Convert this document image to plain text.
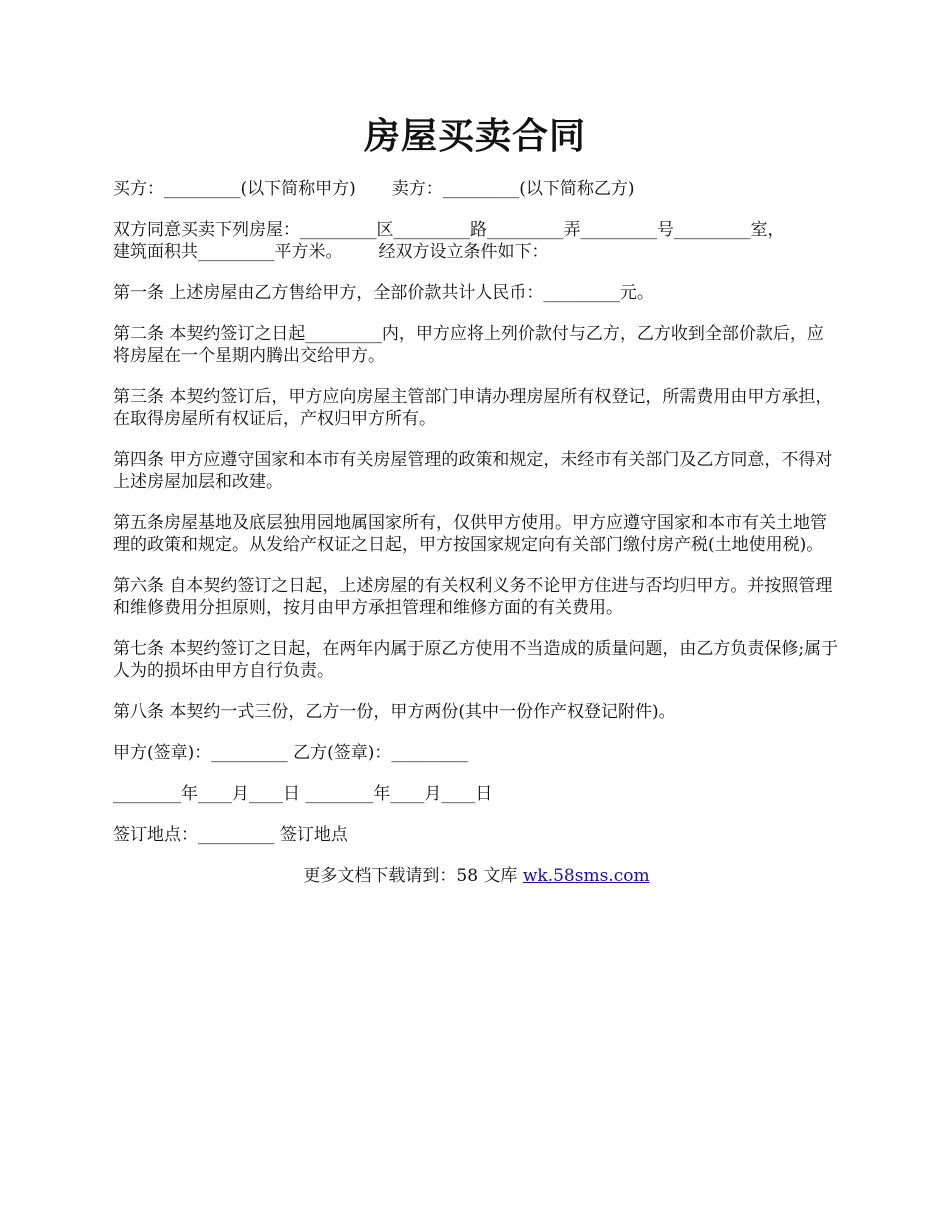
房屋买卖合同

买方：_________(以下简称甲方) 卖方：_________(以下简称乙方)

双方同意买卖下列房屋：_________区_________路_________弄_________号_________室，
建筑面积共_________平方米。 经双方设立条件如下：

第一条 上述房屋由乙方售给甲方，全部价款共计人民币：_________元。

第二条 本契约签订之日起_________内，甲方应将上列价款付与乙方，乙方收到全部价款后，应将房屋在一个星期内腾出交给甲方。

第三条 本契约签订后，甲方应向房屋主管部门申请办理房屋所有权登记，所需费用由甲方承担，在取得房屋所有权证后，产权归甲方所有。

第四条 甲方应遵守国家和本市有关房屋管理的政策和规定，未经市有关部门及乙方同意，不得对上述房屋加层和改建。

第五条房屋基地及底层独用园地属国家所有，仅供甲方使用。甲方应遵守国家和本市有关土地管理的政策和规定。从发给产权证之日起，甲方按国家规定向有关部门缴付房产税(土地使用税)。

第六条 自本契约签订之日起，上述房屋的有关权利义务不论甲方住进与否均归甲方。并按照管理和维修费用分担原则，按月由甲方承担管理和维修方面的有关费用。

第七条 本契约签订之日起，在两年内属于原乙方使用不当造成的质量问题，由乙方负责保修;属于人为的损坏由甲方自行负责。

第八条 本契约一式三份，乙方一份，甲方两份(其中一份作产权登记附件)。

甲方(签章)：_________ 乙方(签章)：_________

________年____月____日 ________年____月____日

签订地点：_________ 签订地点

更多文档下载请到：58 文库 wk.58sms.com
